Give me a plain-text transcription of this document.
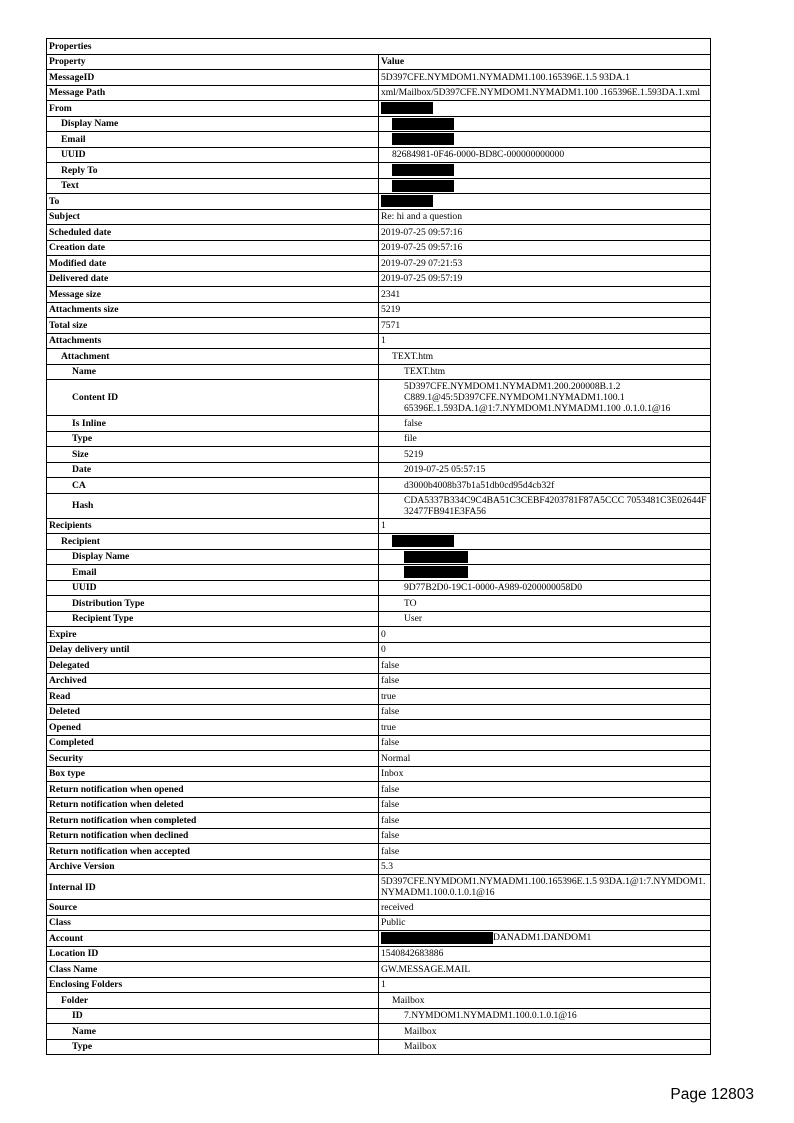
Properties	
Property	Value
MessageID	5D397CFE.NYMDOM1.NYMADM1.100.165396E.1.5 93DA.1
Message Path	xml/Mailbox/5D397CFE.NYMDOM1.NYMADM1.100 .165396E.1.593DA.1.xml
From	
Display Name	
Email	
UUID	82684981-0F46-0000-BD8C-000000000000
Reply To	
Text	
To	
Subject	Re: hi and a question
Scheduled date	2019-07-25 09:57:16
Creation date	2019-07-25 09:57:16
Modified date	2019-07-29 07:21:53
Delivered date	2019-07-25 09:57:19
Message size	2341
Attachments size	5219
Total size	7571
Attachments	1
Attachment	TEXT.htm
Name	TEXT.htm
Content ID	5D397CFE.NYMDOM1.NYMADM1.200.200008B.1.2
C889.1@45:5D397CFE.NYMDOM1.NYMADM1.100.1
65396E.1.593DA.1@1:7.NYMDOM1.NYMADM1.100 .0.1.0.1@16
Is Inline	false
Type	file
Size	5219
Date	2019-07-25 05:57:15
CA	d3000b4008b37b1a51db0cd95d4cb32f
Hash	CDA5337B334C9C4BA51C3CEBF4203781F87A5CCC 7053481C3E02644F32477FB941E3FA56
Recipients	1
Recipient	
Display Name	
Email	
UUID	9D77B2D0-19C1-0000-A989-0200000058D0
Distribution Type	TO
Recipient Type	User
Expire	0
Delay delivery until	0
Delegated	false
Archived	false
Read	true
Deleted	false
Opened	true
Completed	false
Security	Normal
Box type	Inbox
Return notification when opened	false
Return notification when deleted	false
Return notification when completed	false
Return notification when declined	false
Return notification when accepted	false
Archive Version	5.3
Internal ID	5D397CFE.NYMDOM1.NYMADM1.100.165396E.1.5 93DA.1@1:7.NYMDOM1.NYMADM1.100.0.1.0.1@16
Source	received
Class	Public
Account	DANADM1.DANDOM1
Location ID	1540842683886
Class Name	GW.MESSAGE.MAIL
Enclosing Folders	1
Folder	Mailbox
ID	7.NYMDOM1.NYMADM1.100.0.1.0.1@16
Name	Mailbox
Type	Mailbox
Page 12803
